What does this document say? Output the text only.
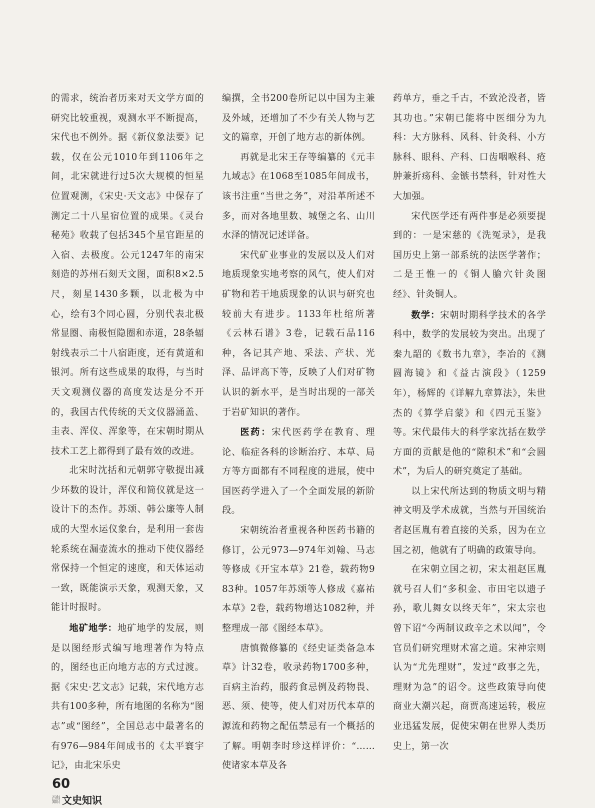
的需求，统治者历来对天文学方面的研究比较重视，观测水平不断提高，宋代也不例外。据《新仪象法要》记载，仅在公元1010年到1106年之间，北宋就进行过5次大规模的恒星位置观测，《宋史·天文志》中保存了测定二十八星宿位置的成果。《灵台秘苑》收载了包括345个星官距星的入宿、去极度。公元1247年的南宋刻造的苏州石刻天文图，面积8×2.5尺，刻星1430多颗，以北极为中心，绘有3个同心圆，分别代表北极常显圈、南极恒隐圈和赤道，28条辐射线表示二十八宿距度，还有黄道和银河。所有这些成果的取得，与当时天文观测仪器的高度发达是分不开的，我国古代传统的天文仪器涌盖、圭表、浑仪、浑象等，在宋朝时期从技术工艺上都得到了最有效的改进。

北宋时沈括和元朝郭守敬提出减少环数的设计，浑仪和简仪就是这一设计下的杰作。苏颂、韩公廉等人制成的大型水运仪象台，是利用一套齿轮系统在漏壶流水的推动下使仪器经常保持一个恒定的速度，和天体运动一致，既能演示天象，观测天象，又能计时报时。

地矿地学：地矿地学的发展，则是以图经形式编写地理著作为特点的，图经也正向地方志的方式过渡。据《宋史·艺文志》记载，宋代地方志共有100多种，所有地图的名称为“图志”或“图经”，全国总志中最著名的有976—984年间成书的《太平寰宇记》，由北宋乐史

编撰，全书200卷所记以中国为主兼及外域，还增加了不少有关人物与艺文的篇章，开创了地方志的新体例。

再就是北宋王存等编纂的《元丰九域志》在1068至1085年间成书，该书注重“当世之务”，对沿革所述不多，而对各地里数、城堡之名、山川水泽的情况记述详备。

宋代矿业事业的发展以及人们对地质现象实地考察的风气，使人们对矿物和若干地质现象的认识与研究也较前大有进步。1133年杜绾所著《云林石谱》3卷，记载石品116种，各记其产地、采法、产状、光泽、品评高下等，反映了人们对矿物认识的新水平，是当时出现的一部关于岩矿知识的著作。

医药：宋代医药学在教育、理论、临症各科的诊断治疗、本草、局方等方面都有不同程度的进展，使中国医药学进入了一个全面发展的新阶段。

宋朝统治者重视各种医药书籍的修订，公元973—974年刘翰、马志等修成《开宝本草》21卷，载药物983种。1057年苏颂等人修成《嘉祐本草》2卷，载药物增达1082种，并整理成一部《图经本草》。

唐慎微修纂的《经史证类备急本草》计32卷，收录药物1700多种，百病主治药，服药食忌例及药物畏、恶、须、使等，使人们对历代本草的源流和药物之配伍禁忌有一个概括的了解。明朝李时珍这样评价：“……使诸家本草及各

药单方，垂之千古，不致沦没者，皆其功也。”宋朝已能将中医细分为九科：大方脉科、风科、针灸科、小方脉科、眼科、产科、口齿咽喉科、疮肿兼折疡科、金镞书禁科，针对性大大加强。

宋代医学还有两件事是必须要提到的：一是宋慈的《洗冤录》，是我国历史上第一部系统的法医学著作；二是王惟一的《铜人腧穴针灸图经》、针灸铜人。

数学：宋朝时期科学技术的各学科中，数学的发展较为突出。出现了秦九韶的《数书九章》，李冶的《测圆海镜》和《益古演段》（1259年），杨辉的《详解九章算法》，朱世杰的《算学启蒙》和《四元玉鉴》等。宋代最伟大的科学家沈括在数学方面的贡献是他的“隙积术”和“会圆术”，为后人的研究奠定了基础。

以上宋代所达到的物质文明与精神文明及学术成就，当然与开国统治者赵匡胤有着直接的关系，因为在立国之初，他就有了明确的政策导向。

在宋朝立国之初，宋太祖赵匡胤就号召人们“多积金、市田宅以遗子孙，歌儿舞女以终天年”，宋太宗也曾下诏“今两制议政辛之术以闻”，令官员们研究理财术富之道。宋神宗则认为“尤先理财”，发过“政事之先，理财为急”的诏令。这些政策导向使商业大潮兴起，商贾高速运转，极应业迅猛发展，促使宋朝在世界人类历史上，第一次

60
百科知识 文史知识
